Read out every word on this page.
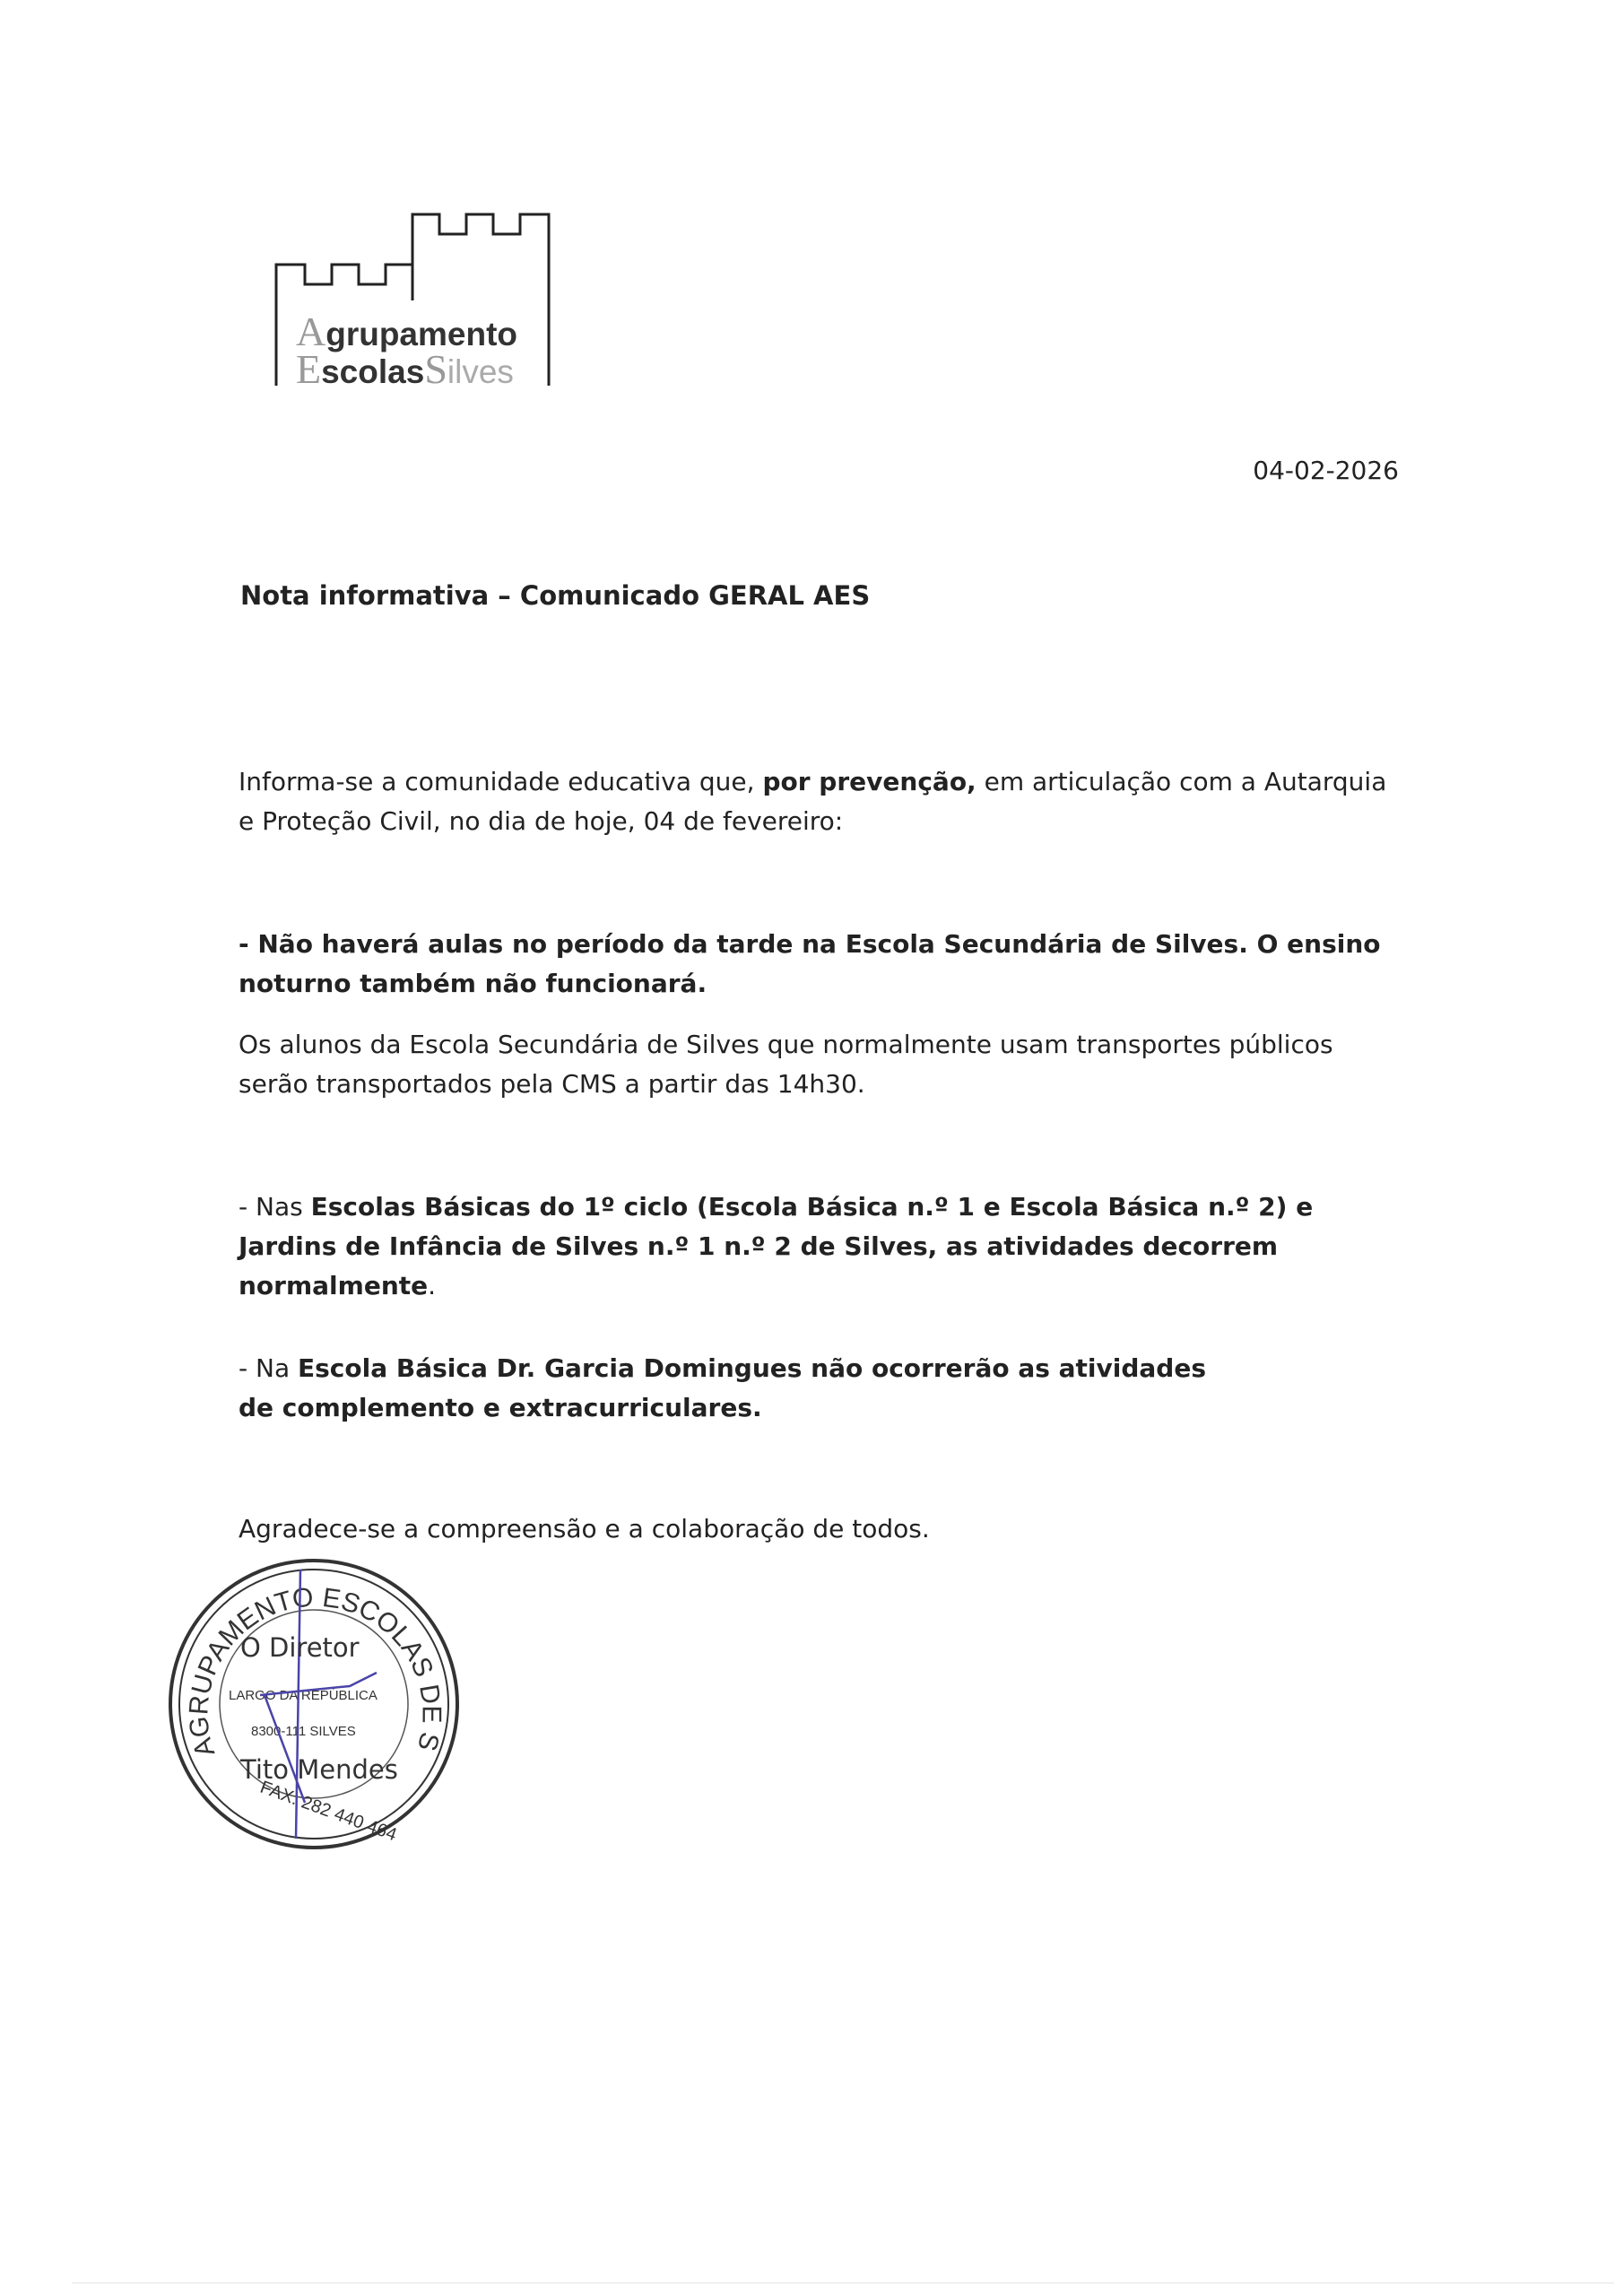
Agrupamento
EscolasSilves
04-02-2026
Nota informativa – Comunicado GERAL AES
Informa-se a comunidade educativa que, por prevenção, em articulação com a Autarquia e Proteção Civil, no dia de hoje, 04 de fevereiro:
- Não haverá aulas no período da tarde na Escola Secundária de Silves. O ensino noturno também não funcionará.
Os alunos da Escola Secundária de Silves que normalmente usam transportes públicos serão transportados pela CMS a partir das 14h30.
- Nas Escolas Básicas do 1º ciclo (Escola Básica n.º 1 e Escola Básica n.º 2) e Jardins de Infância de Silves n.º 1 n.º 2 de Silves, as atividades decorrem normalmente.
- Na Escola Básica Dr. Garcia Domingues não ocorrerão as atividades de complemento e extracurriculares.
Agradece-se a compreensão e a colaboração de todos.
AGRUPAMENTO ESCOLAS DE S
LARGO DA REPÚBLICA
8300-111 SILVES
FAX: 282 440 464
O Diretor
Tito Mendes
